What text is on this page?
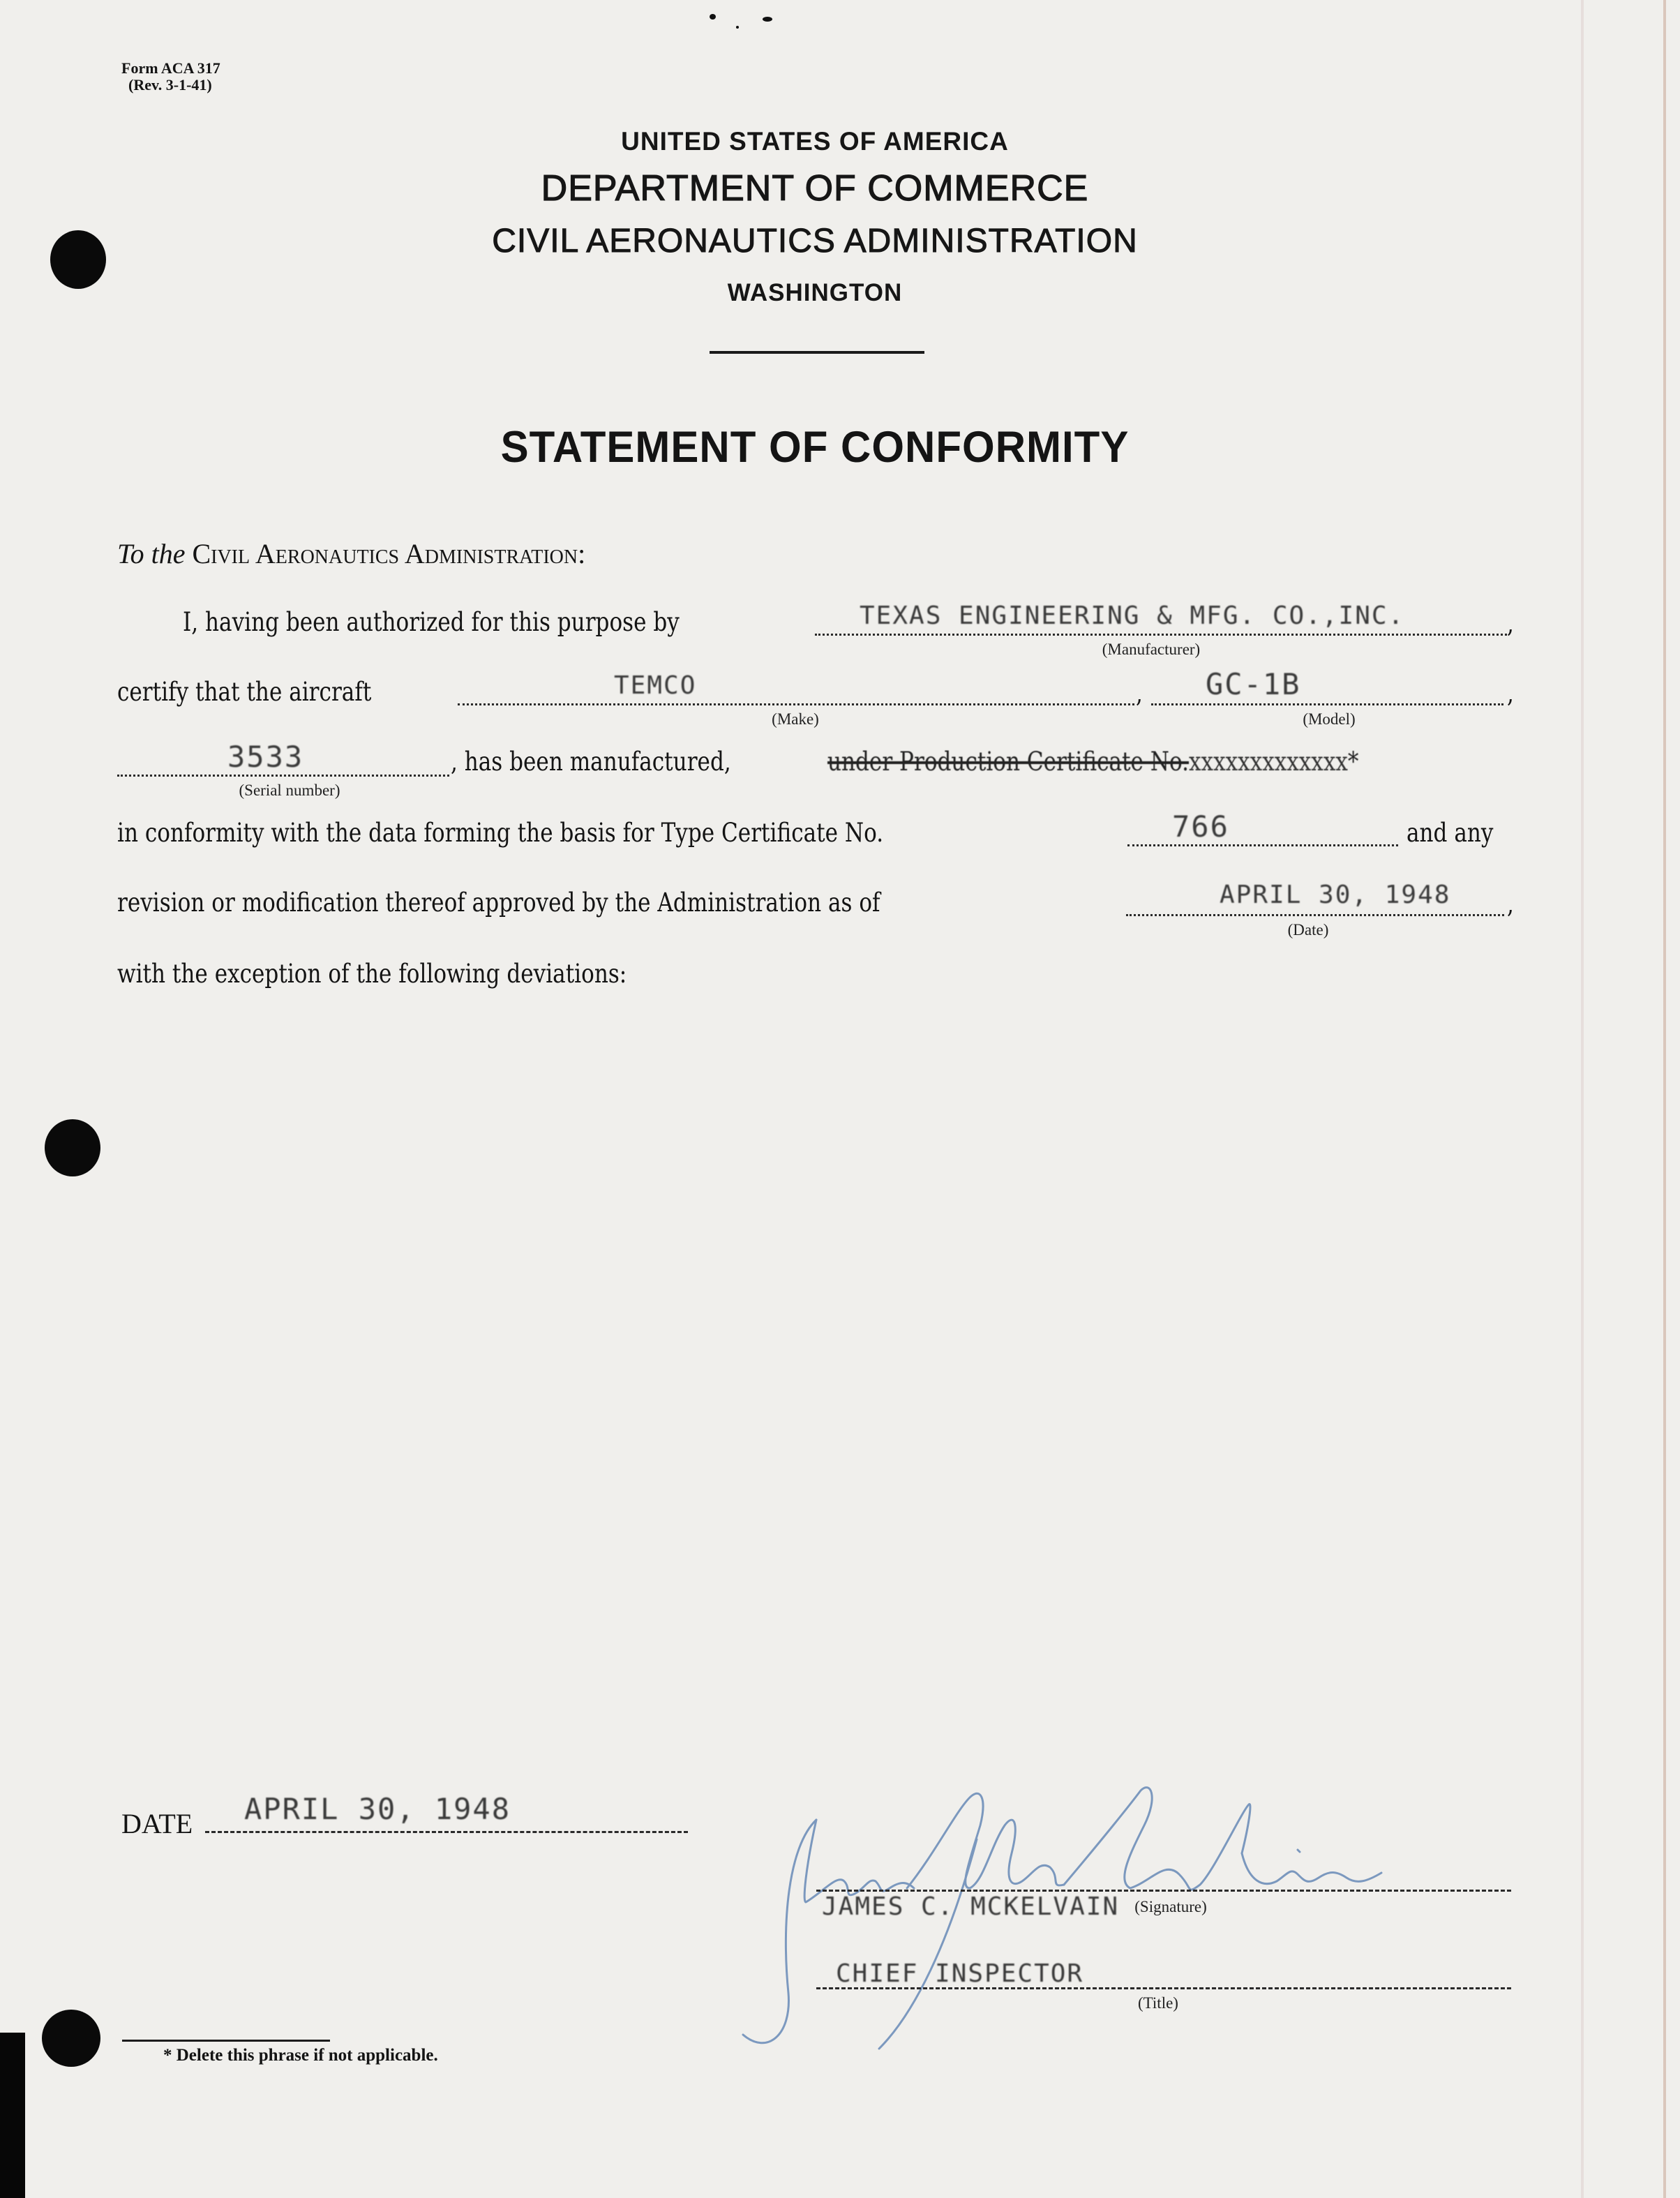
Form ACA 317
(Rev. 3-1-41)
UNITED STATES OF AMERICA
DEPARTMENT OF COMMERCE
CIVIL AERONAUTICS ADMINISTRATION
WASHINGTON
STATEMENT OF CONFORMITY
To the Civil Aeronautics Administration:
I, having been authorized for this purpose by	TEXAS ENGINEERING & MFG. CO.,INC.	,
(Manufacturer)
certify that the aircraft	TEMCO	,
(Make)
GC-1B	,
(Model)
3533
(Serial number)
, has been manufactured,	under Production Certificate No.xxxxxxxxxxxxx*
in conformity with the data forming the basis for Type Certificate No.	766	and any
revision or modification thereof approved by the Administration as of	APRIL 30, 1948 ,
(Date)
with the exception of the following deviations:
DATE APRIL 30, 1948
JAMES C. MCKELVAIN (Signature)
CHIEF INSPECTOR
(Title)
* Delete this phrase if not applicable.
